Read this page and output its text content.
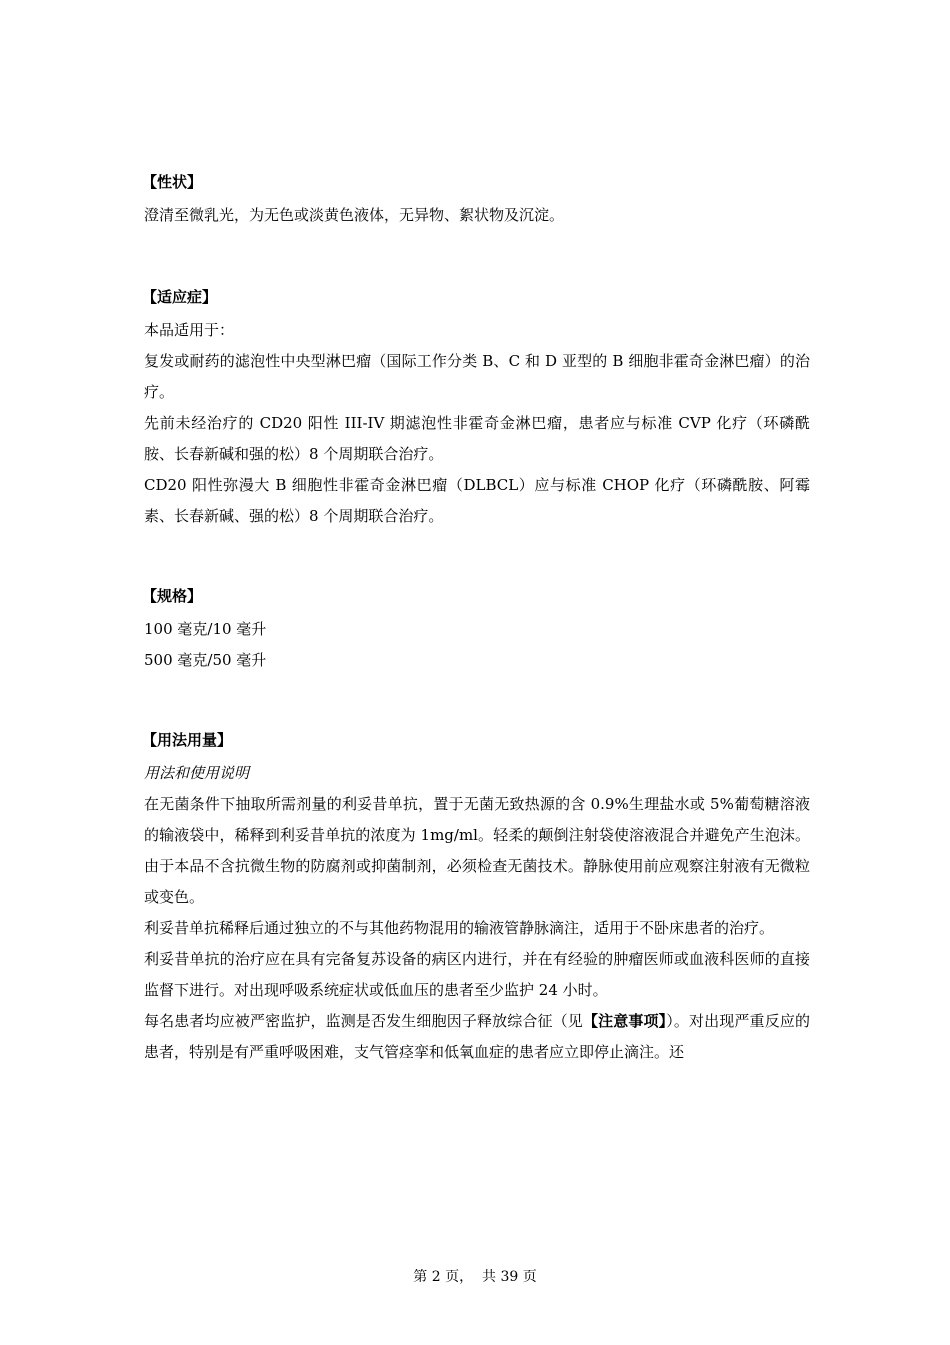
【性状】

澄清至微乳光，为无色或淡黄色液体，无异物、絮状物及沉淀。

【适应症】

本品适用于：

复发或耐药的滤泡性中央型淋巴瘤（国际工作分类 B、C 和 D 亚型的 B 细胞非霍奇金淋巴瘤）的治疗。

先前未经治疗的 CD20 阳性 III-IV 期滤泡性非霍奇金淋巴瘤，患者应与标准 CVP 化疗（环磷酰胺、长春新碱和强的松）8 个周期联合治疗。

CD20 阳性弥漫大 B 细胞性非霍奇金淋巴瘤（DLBCL）应与标准 CHOP 化疗（环磷酰胺、阿霉素、长春新碱、强的松）8 个周期联合治疗。

【规格】

100 毫克/10 毫升

500 毫克/50 毫升

【用法用量】

用法和使用说明

在无菌条件下抽取所需剂量的利妥昔单抗，置于无菌无致热源的含 0.9%生理盐水或 5%葡萄糖溶液的输液袋中，稀释到利妥昔单抗的浓度为 1mg/ml。轻柔的颠倒注射袋使溶液混合并避免产生泡沫。由于本品不含抗微生物的防腐剂或抑菌制剂，必须检查无菌技术。静脉使用前应观察注射液有无微粒或变色。

利妥昔单抗稀释后通过独立的不与其他药物混用的输液管静脉滴注，适用于不卧床患者的治疗。

利妥昔单抗的治疗应在具有完备复苏设备的病区内进行，并在有经验的肿瘤医师或血液科医师的直接监督下进行。对出现呼吸系统症状或低血压的患者至少监护 24 小时。

每名患者均应被严密监护，监测是否发生细胞因子释放综合征（见【注意事项】）。对出现严重反应的患者，特别是有严重呼吸困难，支气管痉挛和低氧血症的患者应立即停止滴注。还

第 2 页，  共 39 页
